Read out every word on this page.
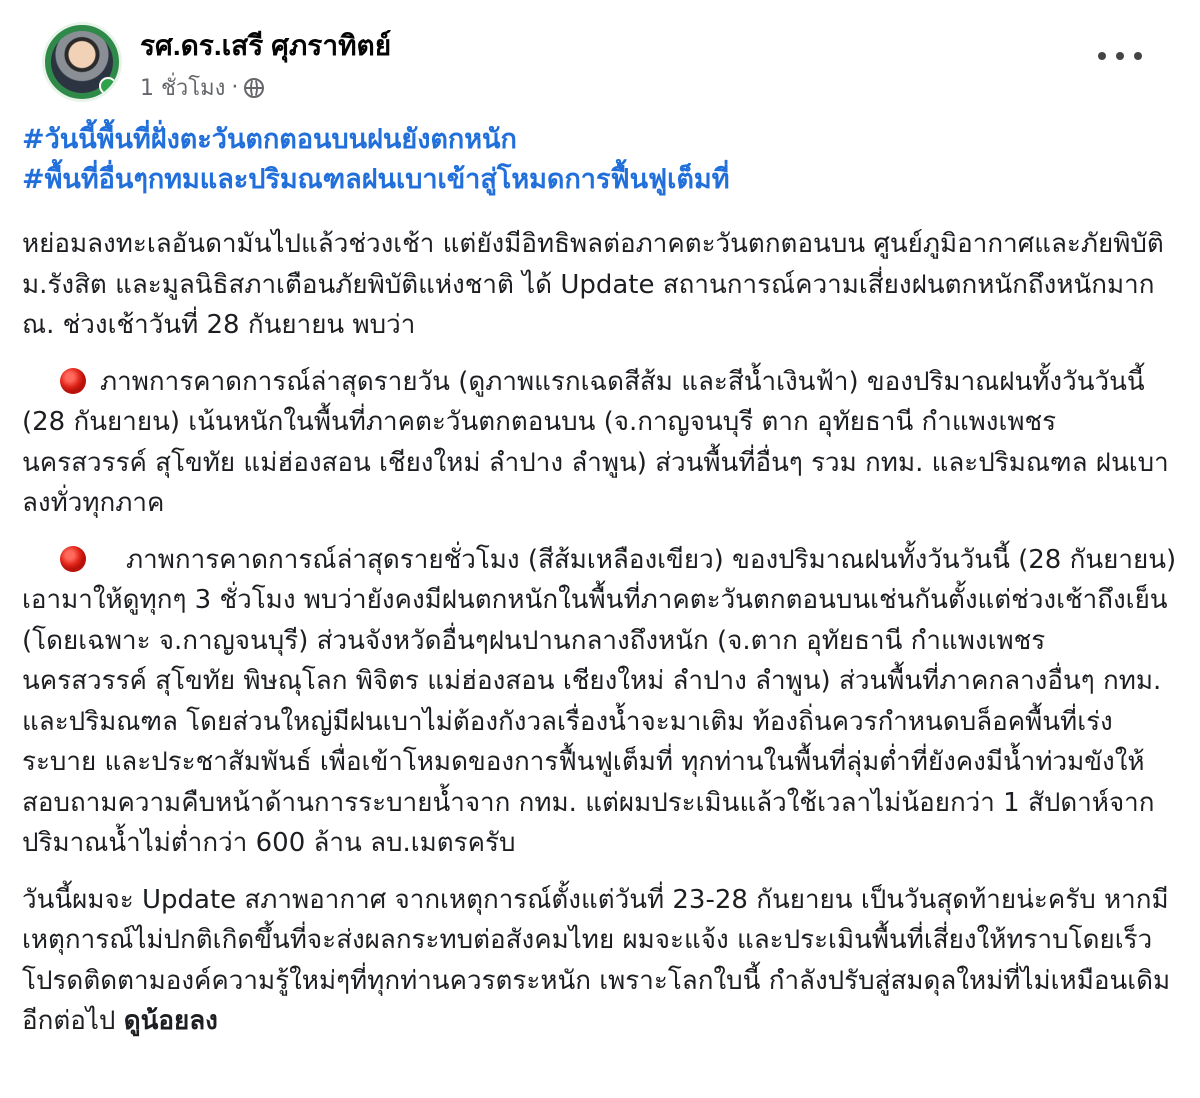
รศ.ดร.เสรี ศุภราทิตย์
1 ชั่วโมง ·
#วันนี้พื้นที่ฝั่งตะวันตกตอนบนฝนยังตกหนัก
#พื้นที่อื่นๆกทมและปริมณฑลฝนเบาเข้าสู่โหมดการฟื้นฟูเต็มที่

หย่อมลงทะเลอันดามันไปแล้วช่วงเช้า แต่ยังมีอิทธิพลต่อภาคตะวันตกตอนบน ศูนย์ภูมิอากาศและภัยพิบัติ ม.รังสิต และมูลนิธิสภาเตือนภัยพิบัติแห่งชาติ ได้ Update สถานการณ์ความเสี่ยงฝนตกหนักถึงหนักมาก ณ. ช่วงเช้าวันที่ 28 กันยายน พบว่า

ภาพการคาดการณ์ล่าสุดรายวัน (ดูภาพแรกเฉดสีส้ม และสีน้ำเงินฟ้า) ของปริมาณฝนทั้งวันวันนี้ (28 กันยายน) เน้นหนักในพื้นที่ภาคตะวันตกตอนบน (จ.กาญจนบุรี ตาก อุทัยธานี กำแพงเพชร นครสวรรค์ สุโขทัย แม่ฮ่องสอน เชียงใหม่ ลำปาง ลำพูน) ส่วนพื้นที่อื่นๆ รวม กทม. และปริมณฑล ฝนเบาลงทั่วทุกภาค

ภาพการคาดการณ์ล่าสุดรายชั่วโมง (สีส้มเหลืองเขียว) ของปริมาณฝนทั้งวันวันนี้ (28 กันยายน) เอามาให้ดูทุกๆ 3 ชั่วโมง พบว่ายังคงมีฝนตกหนักในพื้นที่ภาคตะวันตกตอนบนเช่นกันตั้งแต่ช่วงเช้าถึงเย็น (โดยเฉพาะ จ.กาญจนบุรี) ส่วนจังหวัดอื่นๆฝนปานกลางถึงหนัก (จ.ตาก อุทัยธานี กำแพงเพชร นครสวรรค์ สุโขทัย พิษณุโลก พิจิตร แม่ฮ่องสอน เชียงใหม่ ลำปาง ลำพูน) ส่วนพื้นที่ภาคกลางอื่นๆ กทม. และปริมณฑล โดยส่วนใหญ่มีฝนเบาไม่ต้องกังวลเรื่องน้ำจะมาเติม ท้องถิ่นควรกำหนดบล็อคพื้นที่เร่งระบาย และประชาสัมพันธ์ เพื่อเข้าโหมดของการฟื้นฟูเต็มที่ ทุกท่านในพื้นที่ลุ่มต่ำที่ยังคงมีน้ำท่วมขังให้สอบถามความคืบหน้าด้านการระบายน้ำจาก กทม. แต่ผมประเมินแล้วใช้เวลาไม่น้อยกว่า 1 สัปดาห์จากปริมาณน้ำไม่ต่ำกว่า 600 ล้าน ลบ.เมตรครับ

วันนี้ผมจะ Update สภาพอากาศ จากเหตุการณ์ตั้งแต่วันที่ 23-28 กันยายน เป็นวันสุดท้ายน่ะครับ หากมีเหตุการณ์ไม่ปกติเกิดขึ้นที่จะส่งผลกระทบต่อสังคมไทย ผมจะแจ้ง และประเมินพื้นที่เสี่ยงให้ทราบโดยเร็ว โปรดติดตามองค์ความรู้ใหม่ๆที่ทุกท่านควรตระหนัก เพราะโลกใบนี้ กำลังปรับสู่สมดุลใหม่ที่ไม่เหมือนเดิมอีกต่อไป ดูน้อยลง
